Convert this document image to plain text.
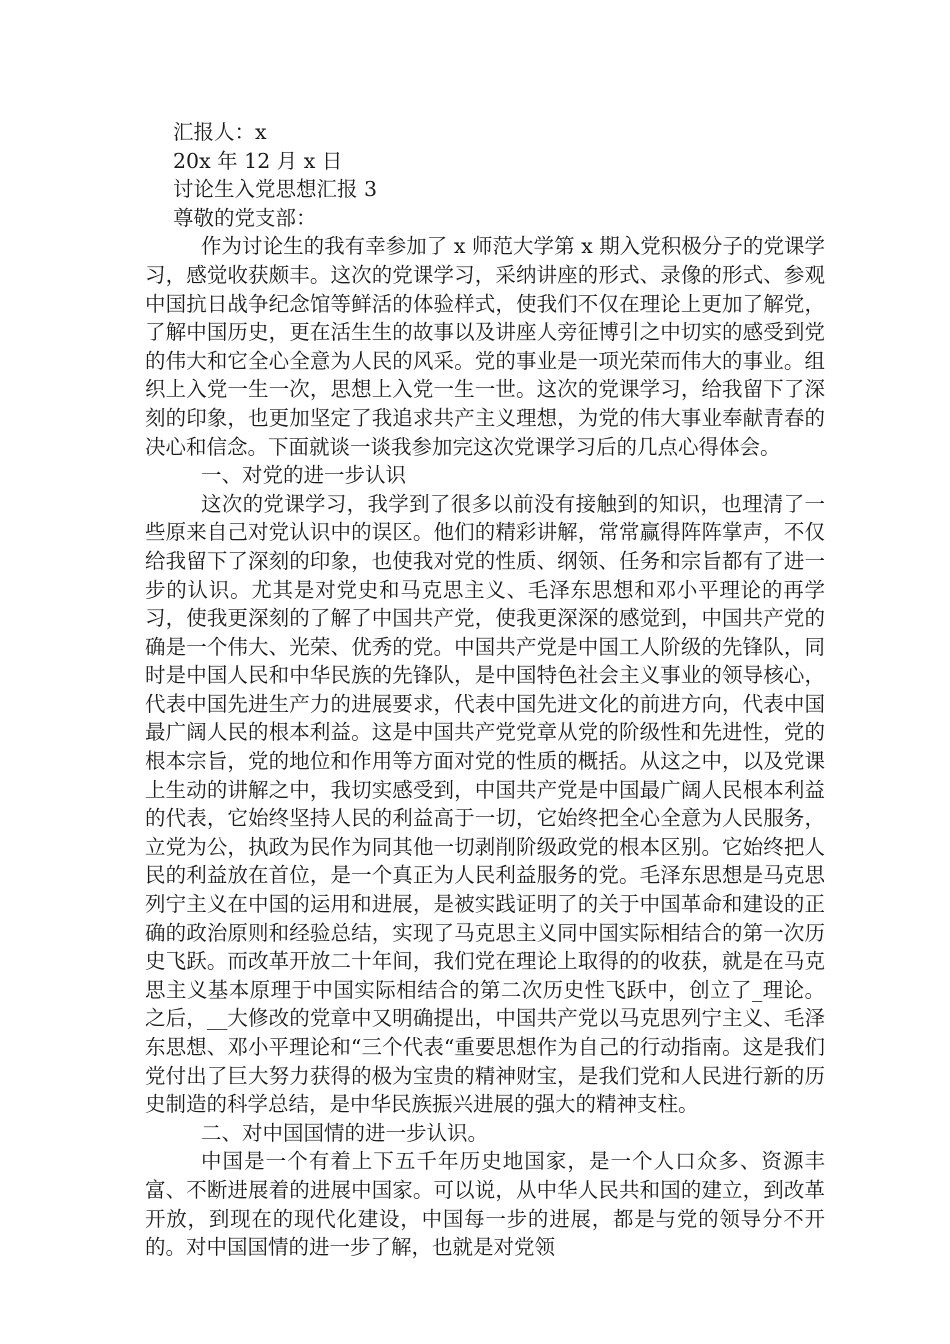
汇报人：x
20x 年 12 月 x 日
讨论生入党思想汇报 3
尊敬的党支部：

作为讨论生的我有幸参加了 x 师范大学第 x 期入党积极分子的党课学习，感觉收获颇丰。这次的党课学习，采纳讲座的形式、录像的形式、参观中国抗日战争纪念馆等鲜活的体验样式，使我们不仅在理论上更加了解党，了解中国历史，更在活生生的故事以及讲座人旁征博引之中切实的感受到党的伟大和它全心全意为人民的风采。党的事业是一项光荣而伟大的事业。组织上入党一生一次，思想上入党一生一世。这次的党课学习，给我留下了深刻的印象，也更加坚定了我追求共产主义理想，为党的伟大事业奉献青春的决心和信念。下面就谈一谈我参加完这次党课学习后的几点心得体会。

一、对党的进一步认识

这次的党课学习，我学到了很多以前没有接触到的知识，也理清了一些原来自己对党认识中的误区。他们的精彩讲解，常常赢得阵阵掌声，不仅给我留下了深刻的印象，也使我对党的性质、纲领、任务和宗旨都有了进一步的认识。尤其是对党史和马克思主义、毛泽东思想和邓小平理论的再学习，使我更深刻的了解了中国共产党，使我更深深的感觉到，中国共产党的确是一个伟大、光荣、优秀的党。中国共产党是中国工人阶级的先锋队，同时是中国人民和中华民族的先锋队，是中国特色社会主义事业的领导核心，代表中国先进生产力的进展要求，代表中国先进文化的前进方向，代表中国最广阔人民的根本利益。这是中国共产党党章从党的阶级性和先进性，党的根本宗旨，党的地位和作用等方面对党的性质的概括。从这之中，以及党课上生动的讲解之中，我切实感受到，中国共产党是中国最广阔人民根本利益的代表，它始终坚持人民的利益高于一切，它始终把全心全意为人民服务，立党为公，执政为民作为同其他一切剥削阶级政党的根本区别。它始终把人民的利益放在首位，是一个真正为人民利益服务的党。毛泽东思想是马克思列宁主义在中国的运用和进展，是被实践证明了的关于中国革命和建设的正确的政治原则和经验总结，实现了马克思主义同中国实际相结合的第一次历史飞跃。而改革开放二十年间，我们党在理论上取得的的收获，就是在马克思主义基本原理于中国实际相结合的第二次历史性飞跃中，创立了_理论。之后，__大修改的党章中又明确提出，中国共产党以马克思列宁主义、毛泽东思想、邓小平理论和“三个代表“重要思想作为自己的行动指南。这是我们党付出了巨大努力获得的极为宝贵的精神财宝，是我们党和人民进行新的历史制造的科学总结，是中华民族振兴进展的强大的精神支柱。

二、对中国国情的进一步认识。

中国是一个有着上下五千年历史地国家，是一个人口众多、资源丰富、不断进展着的进展中国家。可以说，从中华人民共和国的建立，到改革开放，到现在的现代化建设，中国每一步的进展，都是与党的领导分不开的。对中国国情的进一步了解，也就是对党领
